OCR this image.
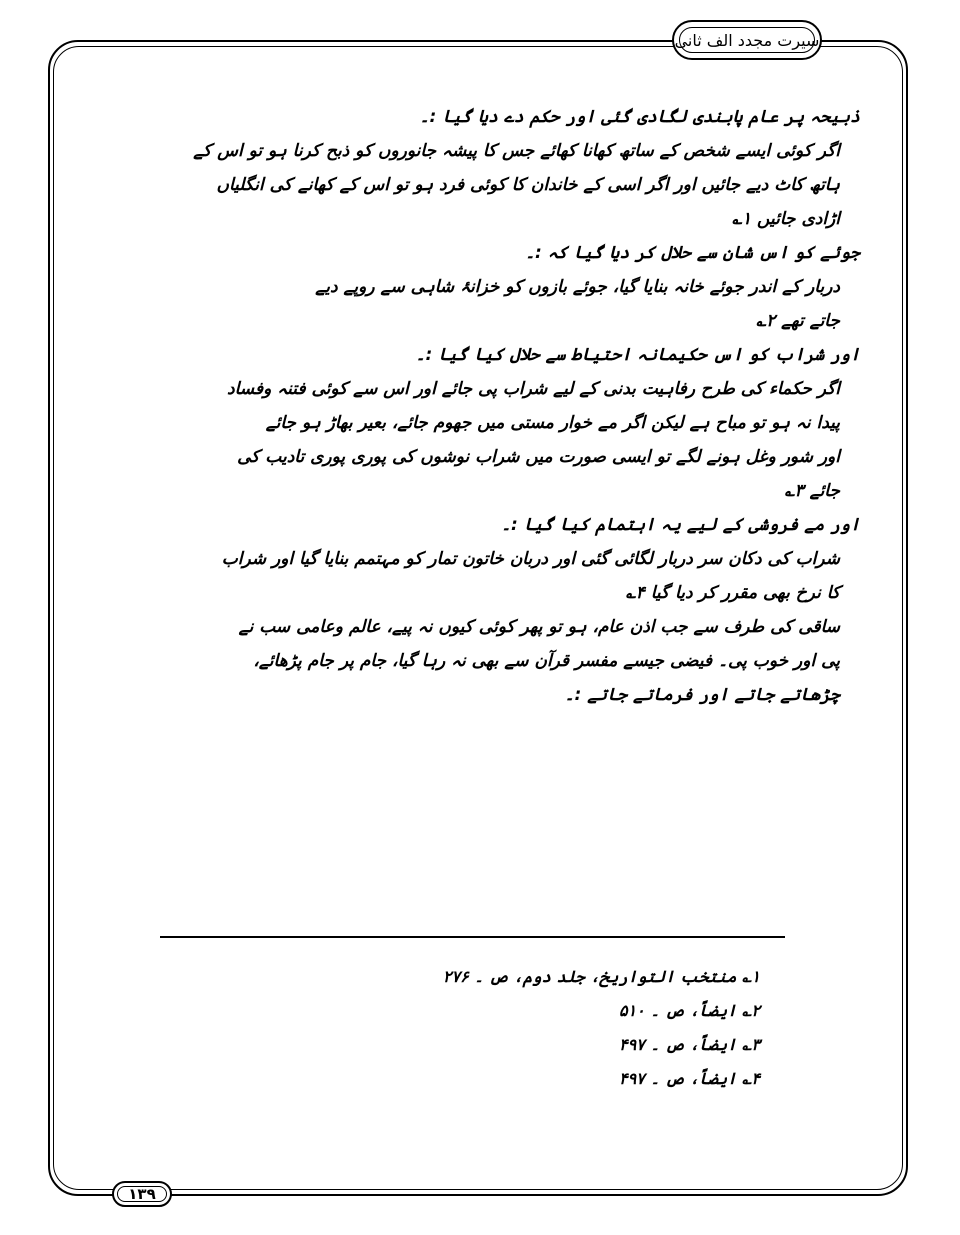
سیرت مجدد الف ثانی
ذبیحہ پر عام پابندی لگادی گئی اور حکم دے دیا گیا :۔
اگر کوئی ایسے شخص کے ساتھ کھانا کھائے جس کا پیشہ جانوروں کو ذبح کرنا ہو تو اس کے
ہاتھ کاٹ دیے جائیں اور اگر اسی کے خاندان کا کوئی فرد ہو تو اس کے کھانے کی انگلیاں
اڑادی جائیں ۱؎
جوئے کو اس شان سے حلال کر دیا گیا کہ :۔
دربار کے اندر جوئے خانہ بنایا گیا، جوئے بازوں کو خزانۂ شاہی سے روپے دیے
جاتے تھے ۲؎
اور شراب کو اس حکیمانہ احتیاط سے حلال کیا گیا :۔
اگر حکماء کی طرح رفاہیت بدنی کے لیے شراب پی جائے اور اس سے کوئی فتنہ وفساد
پیدا نہ ہو تو مباح ہے لیکن اگر مے خوار مستی میں جھوم جائے، بعیر بھاڑ ہو جائے
اور شور وغل ہونے لگے تو ایسی صورت میں شراب نوشوں کی پوری پوری تادیب کی
جائے ۳؎
اور مے فروشی کے لیے یہ اہتمام کیا گیا :۔
شراب کی دکان سر دربار لگائی گئی اور دربان خاتون تمار کو مہتمم بنایا گیا اور شراب
کا نرخ بھی مقرر کر دیا گیا ۴؎
ساقی کی طرف سے جب اذن عام، ہو تو پھر کوئی کیوں نہ پیے، عالم وعامی سب نے
پی اور خوب پی۔ فیضی جیسے مفسر قرآن سے بھی نہ رہا گیا، جام پر جام پڑھائے،
چڑھاتے جاتے اور فرماتے جاتے :۔
۱؎ منتخب التواریخ، جلد دوم، ص ۔ ۲۷۶
۲؎ ایضاً، ص ۔ ۵۱۰
۳؎ ایضاً، ص ۔ ۴۹۷
۴؎ ایضاً، ص ۔ ۴۹۷
۱۳۹
